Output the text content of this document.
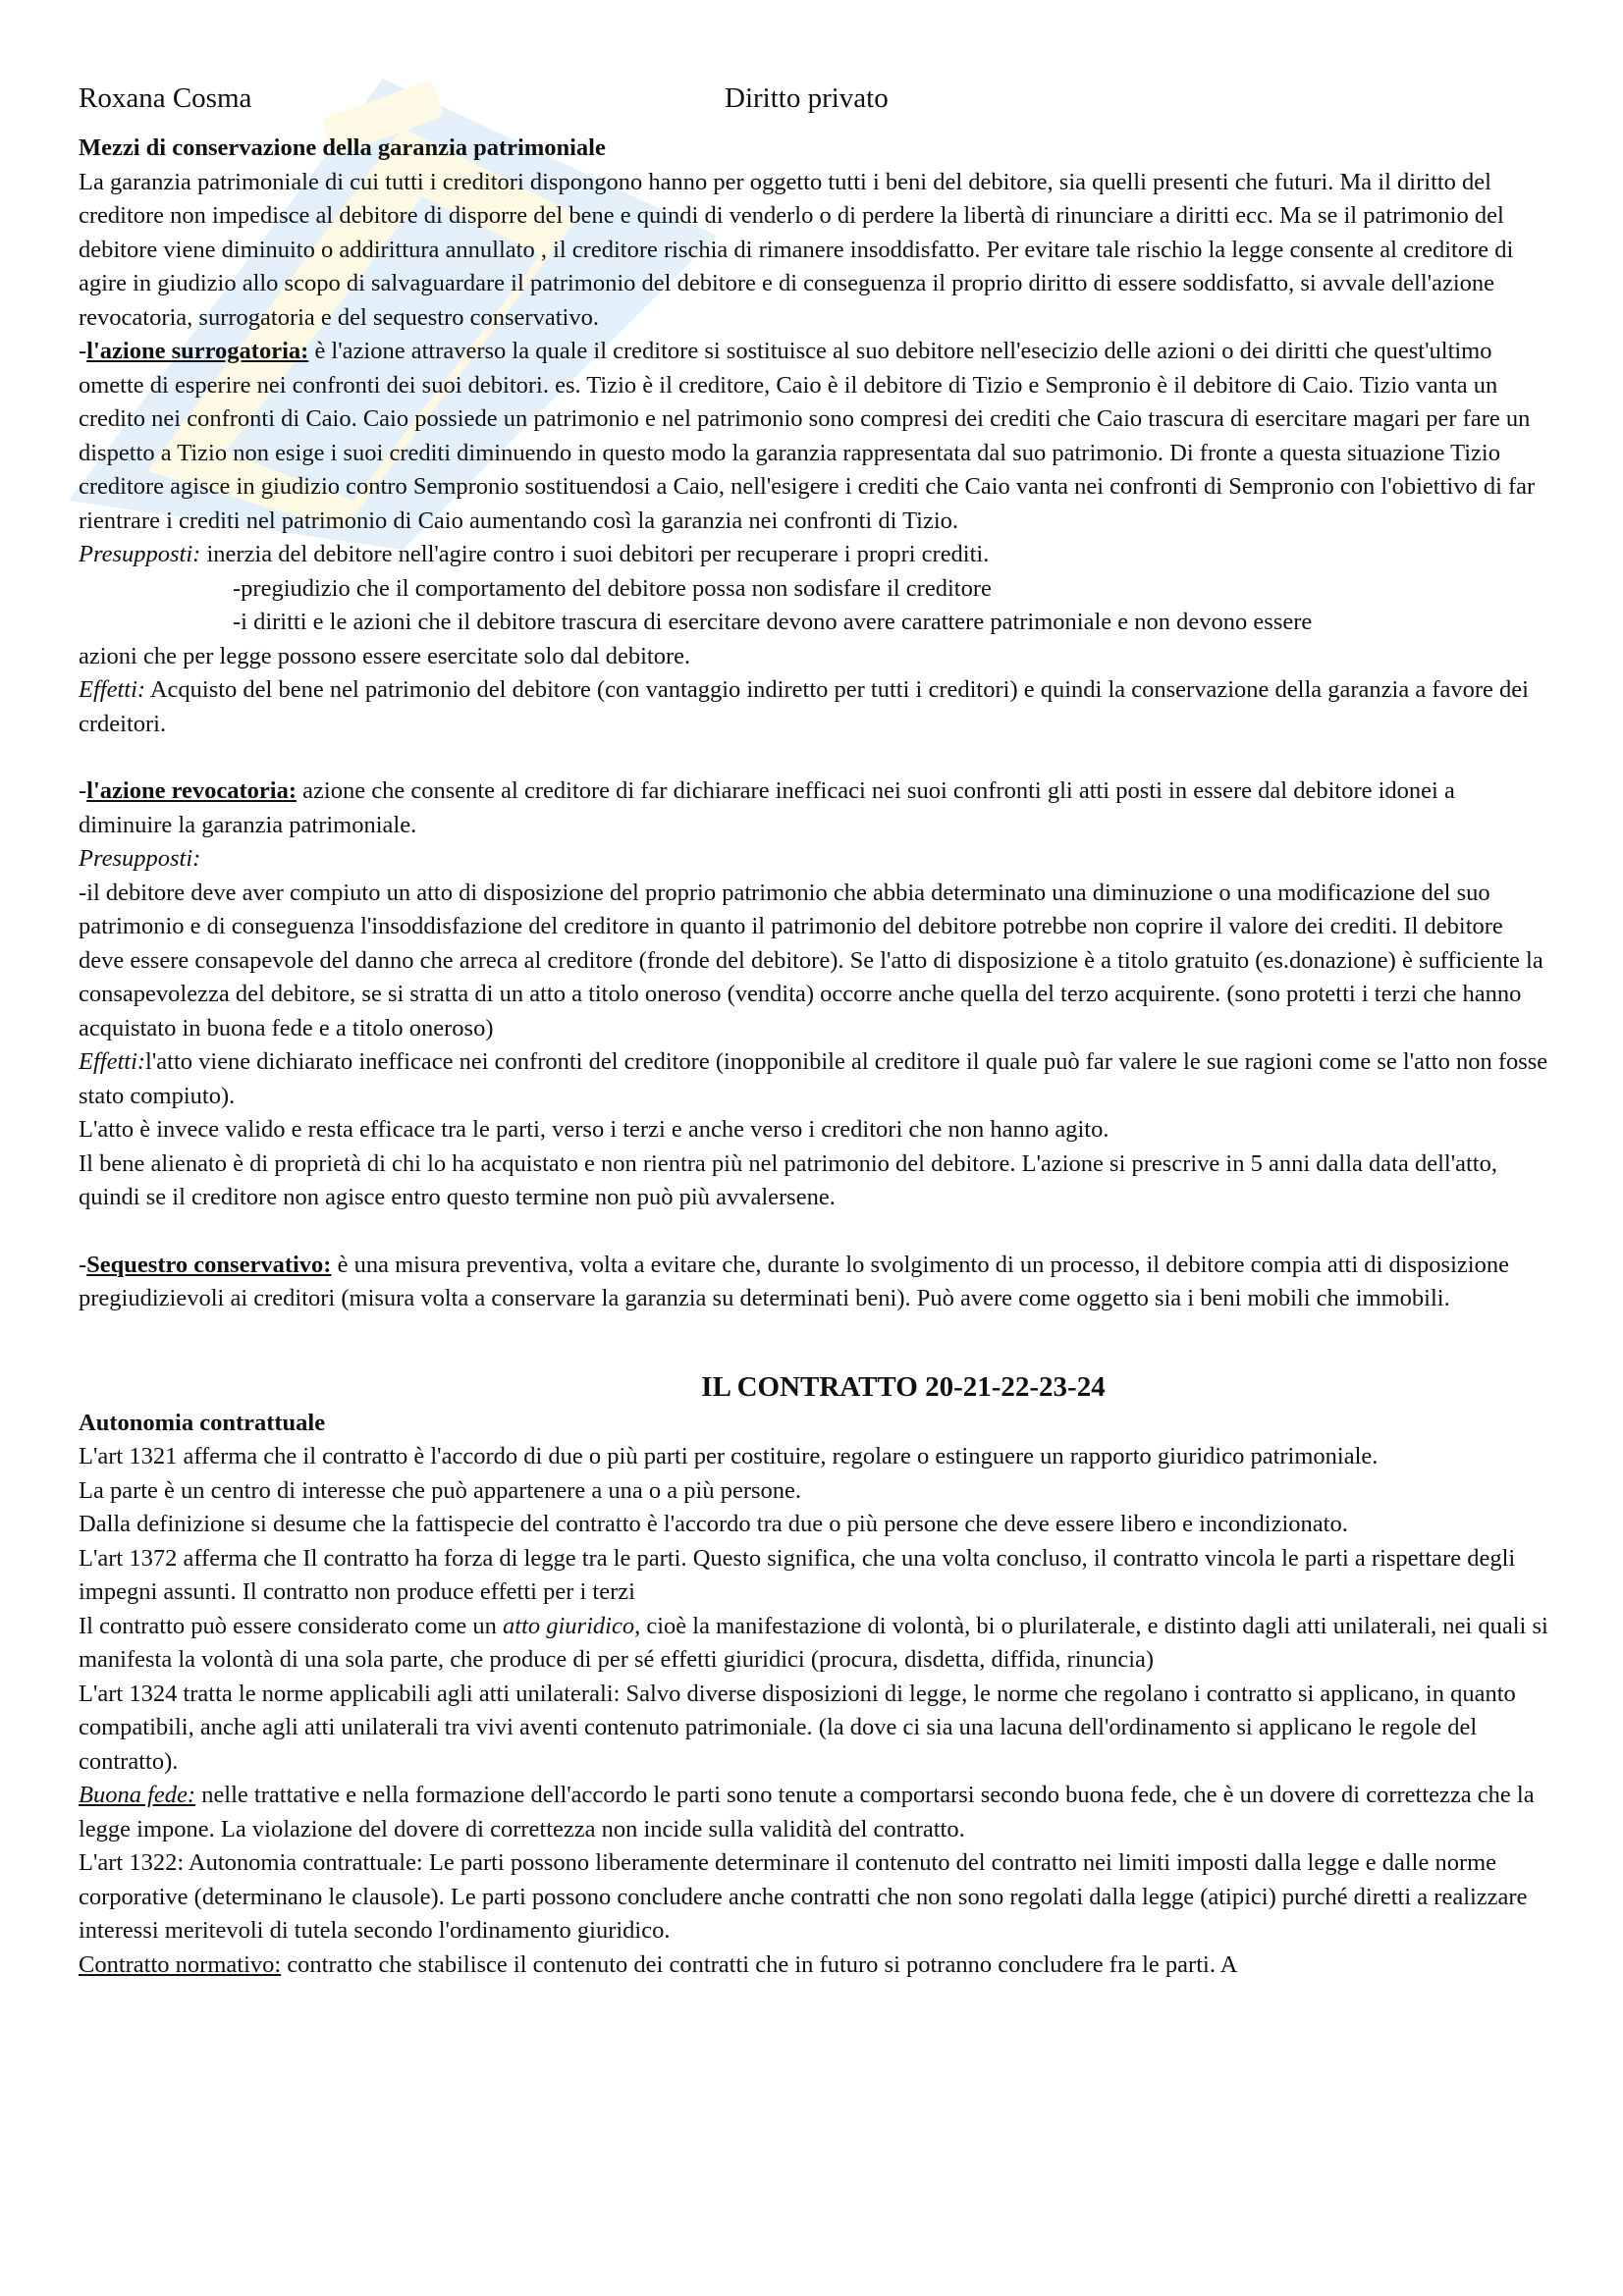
Roxana Cosma	Diritto privato

Mezzi di conservazione della garanzia patrimoniale

La garanzia patrimoniale di cui tutti i creditori dispongono hanno per oggetto tutti i beni del debitore, sia quelli presenti che futuri. Ma il diritto del creditore non impedisce al debitore di disporre del bene e quindi di venderlo o di perdere la libertà di rinunciare a diritti ecc. Ma se il patrimonio del debitore viene diminuito o addirittura annullato , il creditore rischia di rimanere insoddisfatto. Per evitare tale rischio la legge consente al creditore di agire in giudizio allo scopo di salvaguardare il patrimonio del debitore e di conseguenza il proprio diritto di essere soddisfatto, si avvale dell'azione revocatoria, surrogatoria e del sequestro conservativo.

-l'azione surrogatoria: è l'azione attraverso la quale il creditore si sostituisce al suo debitore nell'esecizio delle azioni o dei diritti che quest'ultimo omette di esperire nei confronti dei suoi debitori. es. Tizio è il creditore, Caio è il debitore di Tizio e Sempronio è il debitore di Caio. Tizio vanta un credito nei confronti di Caio. Caio possiede un patrimonio e nel patrimonio sono compresi dei crediti che Caio trascura di esercitare magari per fare un dispetto a Tizio non esige i suoi crediti diminuendo in questo modo la garanzia rappresentata dal suo patrimonio. Di fronte a questa situazione Tizio creditore agisce in giudizio contro Sempronio sostituendosi a Caio, nell'esigere i crediti che Caio vanta nei confronti di Sempronio con l'obiettivo di far rientrare i crediti nel patrimonio di Caio aumentando così la garanzia nei confronti di Tizio.

Presupposti: inerzia del debitore nell'agire contro i suoi debitori per recuperare i propri crediti.

-pregiudizio che il comportamento del debitore possa non sodisfare il creditore

-i diritti e le azioni che il debitore trascura di esercitare devono avere carattere patrimoniale e non devono essere

azioni che per legge possono essere esercitate solo dal debitore.

Effetti: Acquisto del bene nel patrimonio del debitore (con vantaggio indiretto per tutti i creditori) e quindi la conservazione della garanzia a favore dei crdeitori.

-l'azione revocatoria: azione che consente al creditore di far dichiarare inefficaci nei suoi confronti gli atti posti in essere dal debitore idonei a diminuire la garanzia patrimoniale.

Presupposti:

-il debitore deve aver compiuto un atto di disposizione del proprio patrimonio che abbia determinato una diminuzione o una modificazione del suo patrimonio e di conseguenza l'insoddisfazione del creditore in quanto il patrimonio del debitore potrebbe non coprire il valore dei crediti. Il debitore deve essere consapevole del danno che arreca al creditore (fronde del debitore). Se l'atto di disposizione è a titolo gratuito (es.donazione) è sufficiente la consapevolezza del debitore, se si stratta di un atto a titolo oneroso (vendita) occorre anche quella del terzo acquirente. (sono protetti i terzi che hanno acquistato in buona fede e a titolo oneroso)

Effetti:l'atto viene dichiarato inefficace nei confronti del creditore (inopponibile al creditore il quale può far valere le sue ragioni come se l'atto non fosse stato compiuto).

L'atto è invece valido e resta efficace tra le parti, verso i terzi e anche verso i creditori che non hanno agito.

Il bene alienato è di proprietà di chi lo ha acquistato e non rientra più nel patrimonio del debitore. L'azione si prescrive in 5 anni dalla data dell'atto, quindi se il creditore non agisce entro questo termine non può più avvalersene.

-Sequestro conservativo: è una misura preventiva, volta a evitare che, durante lo svolgimento di un processo, il debitore compia atti di disposizione pregiudizievoli ai creditori (misura volta a conservare la garanzia su determinati beni). Può avere come oggetto sia i beni mobili che immobili.

IL CONTRATTO 20-21-22-23-24

Autonomia contrattuale

L'art 1321 afferma che il contratto è l'accordo di due o più parti per costituire, regolare o estinguere un rapporto giuridico patrimoniale.

La parte è un centro di interesse che può appartenere a una o a più persone.

Dalla definizione si desume che la fattispecie del contratto è l'accordo tra due o più persone che deve essere libero e incondizionato.

L'art 1372 afferma che Il contratto ha forza di legge tra le parti. Questo significa, che una volta concluso, il contratto vincola le parti a rispettare degli impegni assunti. Il contratto non produce effetti per i terzi

Il contratto può essere considerato come un atto giuridico, cioè la manifestazione di volontà, bi o plurilaterale, e distinto dagli atti unilaterali, nei quali si manifesta la volontà di una sola parte, che produce di per sé effetti giuridici (procura, disdetta, diffida, rinuncia)

L'art 1324 tratta le norme applicabili agli atti unilaterali: Salvo diverse disposizioni di legge, le norme che regolano i contratto si applicano, in quanto compatibili, anche agli atti unilaterali tra vivi aventi contenuto patrimoniale. (la dove ci sia una lacuna dell'ordinamento si applicano le regole del contratto).

Buona fede: nelle trattative e nella formazione dell'accordo le parti sono tenute a comportarsi secondo buona fede, che è un dovere di correttezza che la legge impone. La violazione del dovere di correttezza non incide sulla validità del contratto.

L'art 1322: Autonomia contrattuale: Le parti possono liberamente determinare il contenuto del contratto nei limiti imposti dalla legge e dalle norme corporative (determinano le clausole). Le parti possono concludere anche contratti che non sono regolati dalla legge (atipici) purché diretti a realizzare interessi meritevoli di tutela secondo l'ordinamento giuridico.

Contratto normativo: contratto che stabilisce il contenuto dei contratti che in futuro si potranno concludere fra le parti. A
